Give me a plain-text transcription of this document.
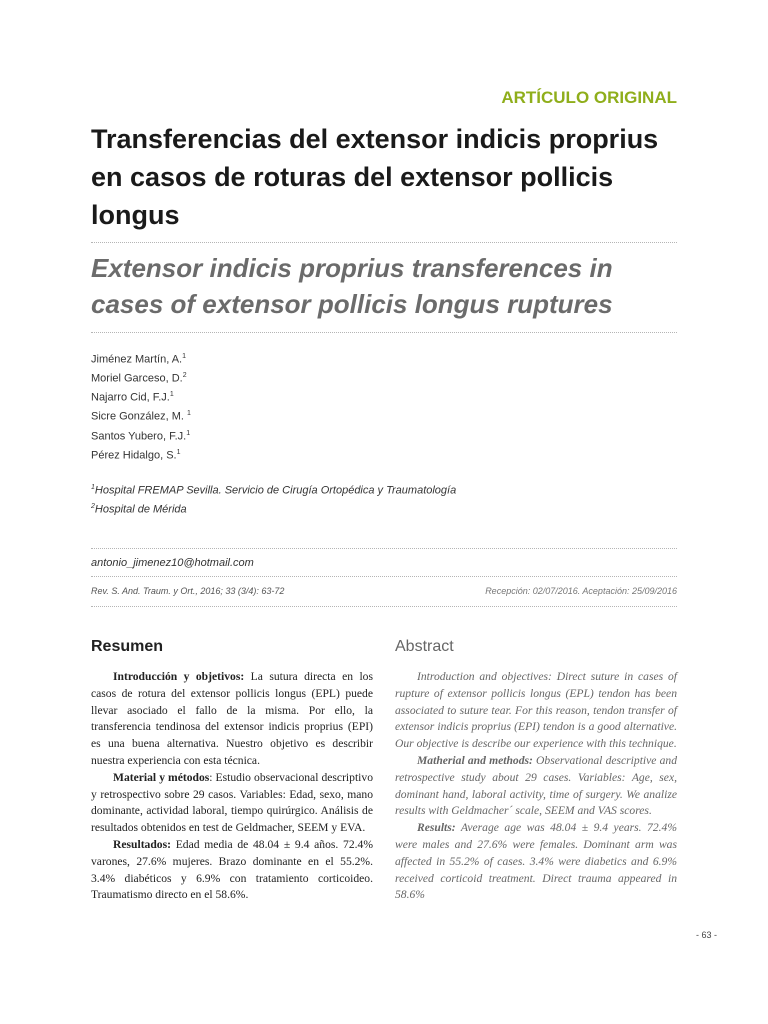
ARTÍCULO ORIGINAL
Transferencias del extensor indicis proprius en casos de roturas del extensor pollicis longus
Extensor indicis proprius transferences in cases of extensor pollicis longus ruptures
Jiménez Martín, A.$^1$
Moriel Garceso, D.$^2$
Najarro Cid, F.J.$^1$
Sicre González, M. $^1$
Santos Yubero, F.J.$^1$
Pérez Hidalgo, S.$^1$
$^1$Hospital FREMAP Sevilla. Servicio de Cirugía Ortopédica y Traumatología
$^2$Hospital de Mérida
antonio_jimenez10@hotmail.com
Rev. S. And. Traum. y Ort., 2016; 33 (3/4): 63-72	Recepción: 02/07/2016. Aceptación: 25/09/2016
Resumen	Abstract

Introducción y objetivos: La sutura directa en los casos de rotura del extensor pollicis longus (EPL) puede llevar asociado el fallo de la misma. Por ello, la transferencia tendinosa del extensor indicis proprius (EPI) es una buena alternativa. Nuestro objetivo es describir nuestra experiencia con esta técnica.

Material y métodos: Estudio observacional descriptivo y retrospectivo sobre 29 casos. Variables: Edad, sexo, mano dominante, actividad laboral, tiempo quirúrgico. Análisis de resultados obtenidos en test de Geldmacher, SEEM y EVA.

Resultados: Edad media de 48.04 ± 9.4 años. 72.4% varones, 27.6% mujeres. Brazo dominante en el 55.2%. 3.4% diabéticos y 6.9% con tratamiento corticoideo. Traumatismo directo en el 58.6%.

Introduction and objectives: Direct suture in cases of rupture of extensor pollicis longus (EPL) tendon has been associated to suture tear. For this reason, tendon transfer of extensor indicis proprius (EPI) tendon is a good alternative. Our objective is describe our experience with this technique.

Matherial and methods: Observational descriptive and retrospective study about 29 cases. Variables: Age, sex, dominant hand, laboral activity, time of surgery. We analize results with Geldmacher´ scale, SEEM and VAS scores.

Results: Average age was 48.04 ± 9.4 years. 72.4% were males and 27.6% were females. Dominant arm was affected in 55.2% of cases. 3.4% were diabetics and 6.9% received corticoid treatment. Direct trauma appeared in 58.6%

- 63 -
